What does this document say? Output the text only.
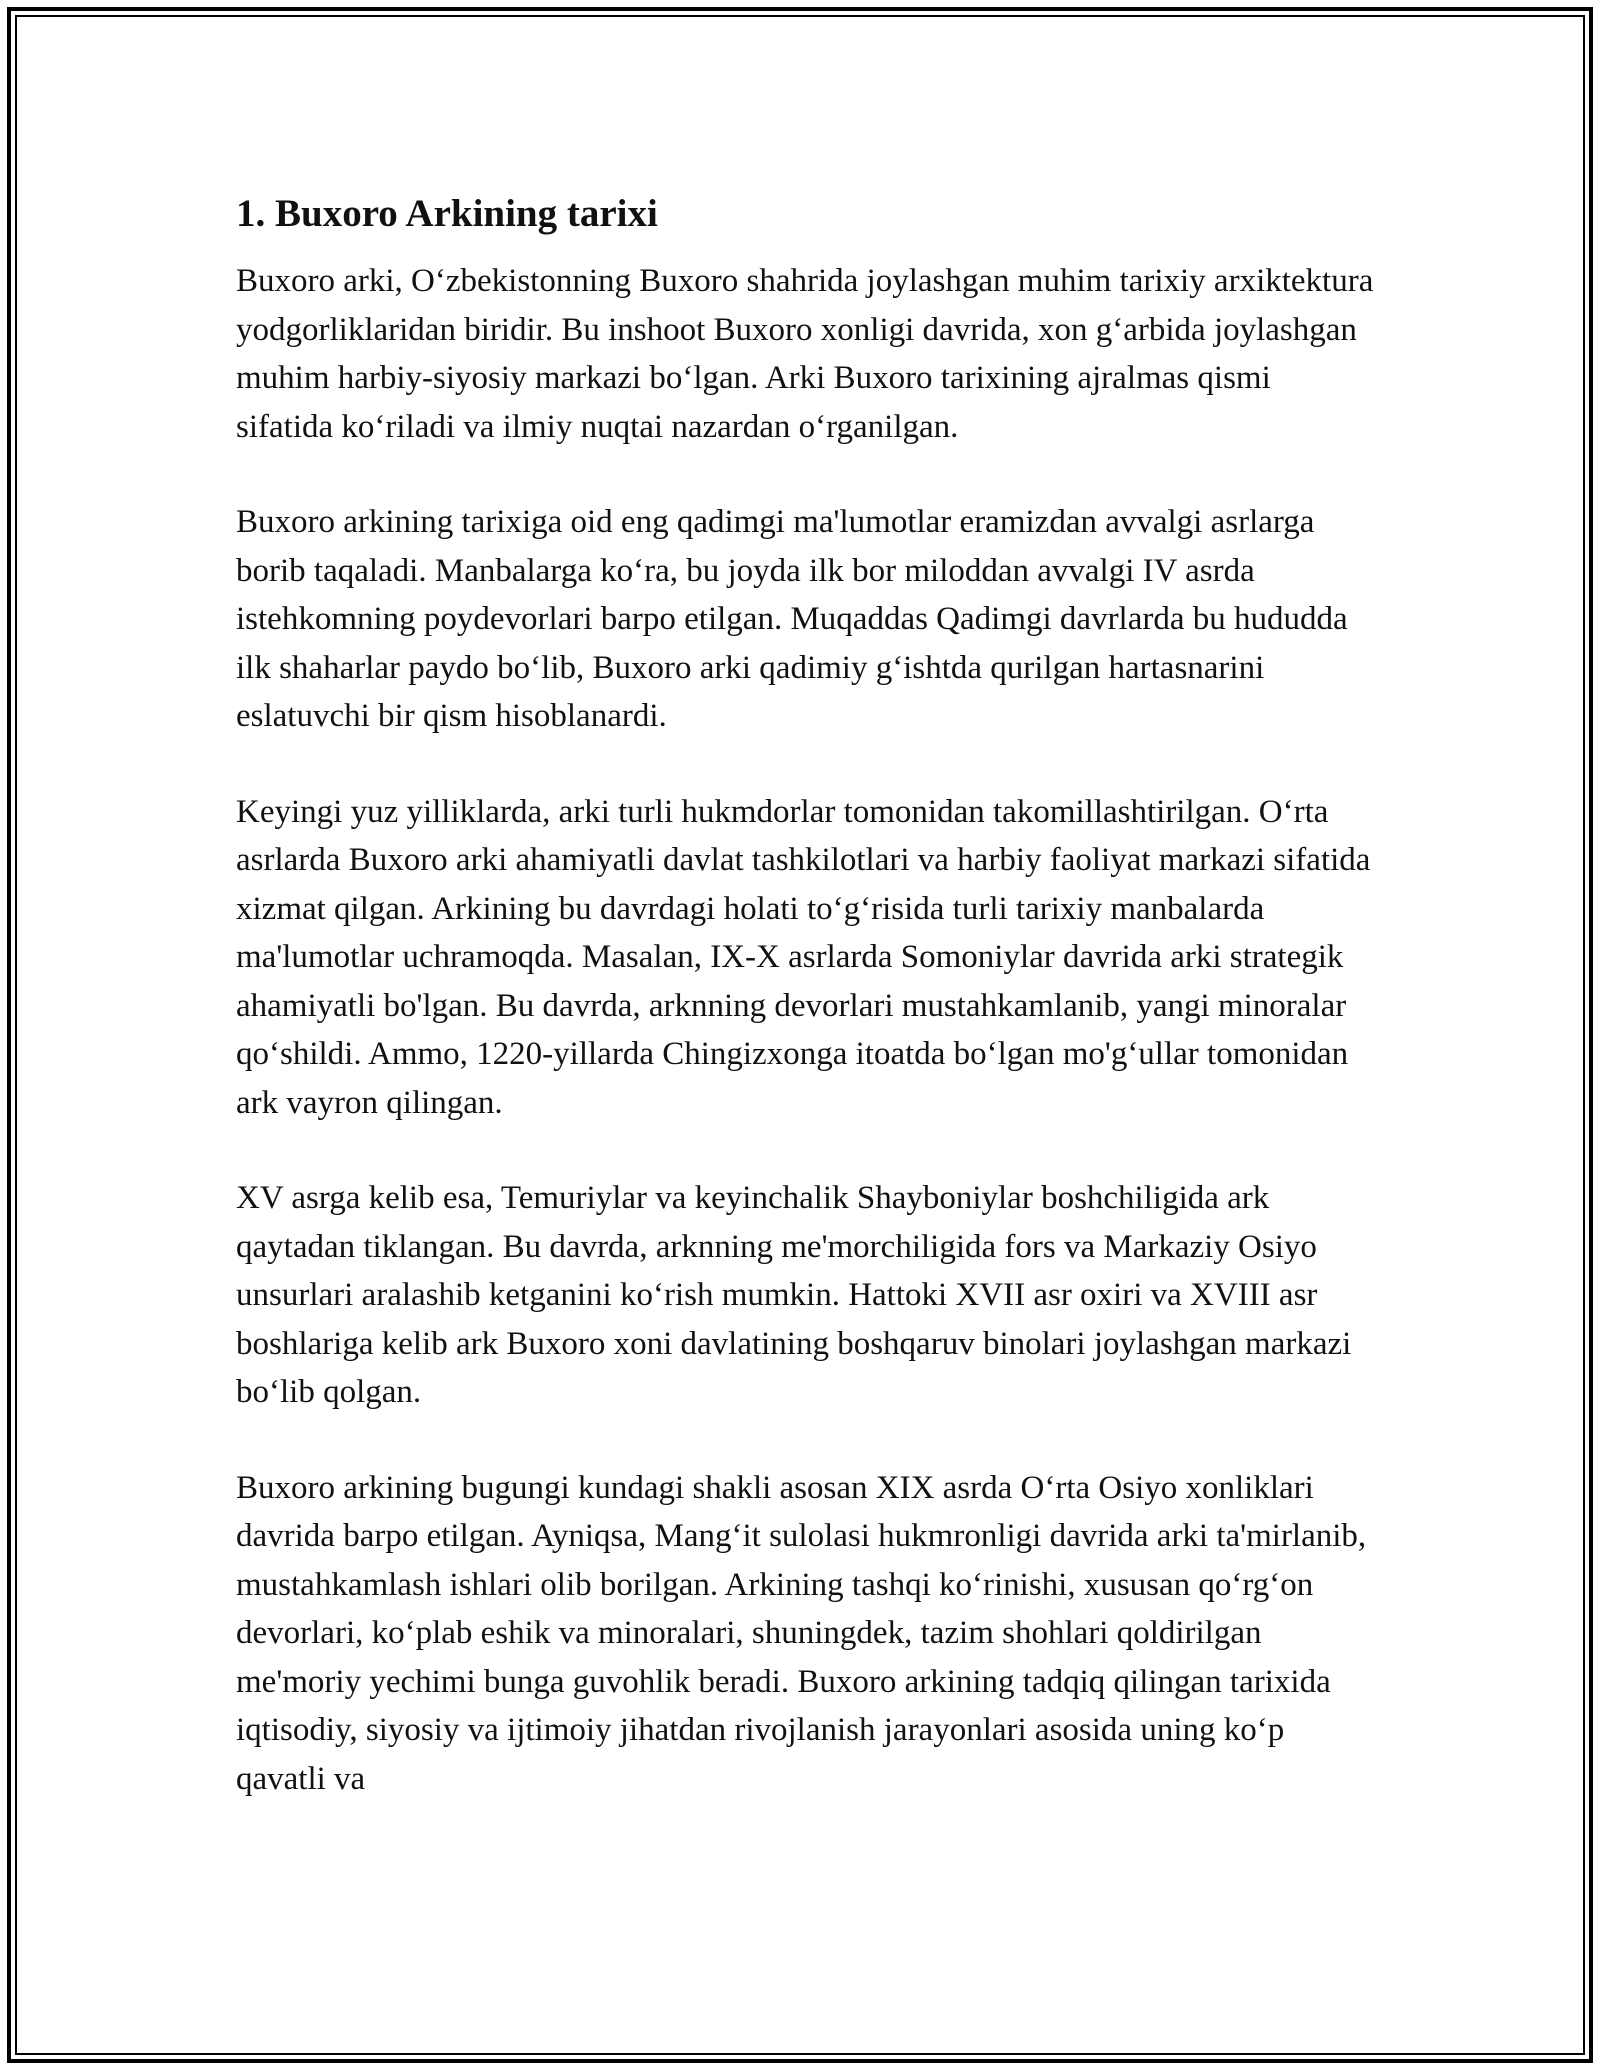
1. Buxoro Arkining tarixi

Buxoro arki, O‘zbekistonning Buxoro shahrida joylashgan muhim tarixiy arxiktektura yodgorliklaridan biridir. Bu inshoot Buxoro xonligi davrida, xon g‘arbida joylashgan muhim harbiy-siyosiy markazi bo‘lgan. Arki Buxoro tarixining ajralmas qismi sifatida ko‘riladi va ilmiy nuqtai nazardan o‘rganilgan.

Buxoro arkining tarixiga oid eng qadimgi ma'lumotlar eramizdan avvalgi asrlarga borib taqaladi. Manbalarga ko‘ra, bu joyda ilk bor miloddan avvalgi IV asrda istehkomning poydevorlari barpo etilgan. Muqaddas Qadimgi davrlarda bu hududda ilk shaharlar paydo bo‘lib, Buxoro arki qadimiy g‘ishtda qurilgan hartasnarini eslatuvchi bir qism hisoblanardi.

Keyingi yuz yilliklarda, arki turli hukmdorlar tomonidan takomillashtirilgan. O‘rta asrlarda Buxoro arki ahamiyatli davlat tashkilotlari va harbiy faoliyat markazi sifatida xizmat qilgan. Arkining bu davrdagi holati to‘g‘risida turli tarixiy manbalarda ma'lumotlar uchramoqda. Masalan, IX-X asrlarda Somoniylar davrida arki strategik ahamiyatli bo'lgan. Bu davrda, arknning devorlari mustahkamlanib, yangi minoralar qo‘shildi. Ammo, 1220-yillarda Chingizxonga itoatda bo‘lgan mo'g‘ullar tomonidan ark vayron qilingan.

XV asrga kelib esa, Temuriylar va keyinchalik Shayboniylar boshchiligida ark qaytadan tiklangan. Bu davrda, arknning me'morchiligida fors va Markaziy Osiyo unsurlari aralashib ketganini ko‘rish mumkin. Hattoki XVII asr oxiri va XVIII asr boshlariga kelib ark Buxoro xoni davlatining boshqaruv binolari joylashgan markazi bo‘lib qolgan.

Buxoro arkining bugungi kundagi shakli asosan XIX asrda O‘rta Osiyo xonliklari davrida barpo etilgan. Ayniqsa, Mang‘it sulolasi hukmronligi davrida arki ta'mirlanib, mustahkamlash ishlari olib borilgan. Arkining tashqi ko‘rinishi, xususan qo‘rg‘on devorlari, ko‘plab eshik va minoralari, shuningdek, tazim shohlari qoldirilgan me'moriy yechimi bunga guvohlik beradi. Buxoro arkining tadqiq qilingan tarixida iqtisodiy, siyosiy va ijtimoiy jihatdan rivojlanish jarayonlari asosida uning ko‘p qavatli va
